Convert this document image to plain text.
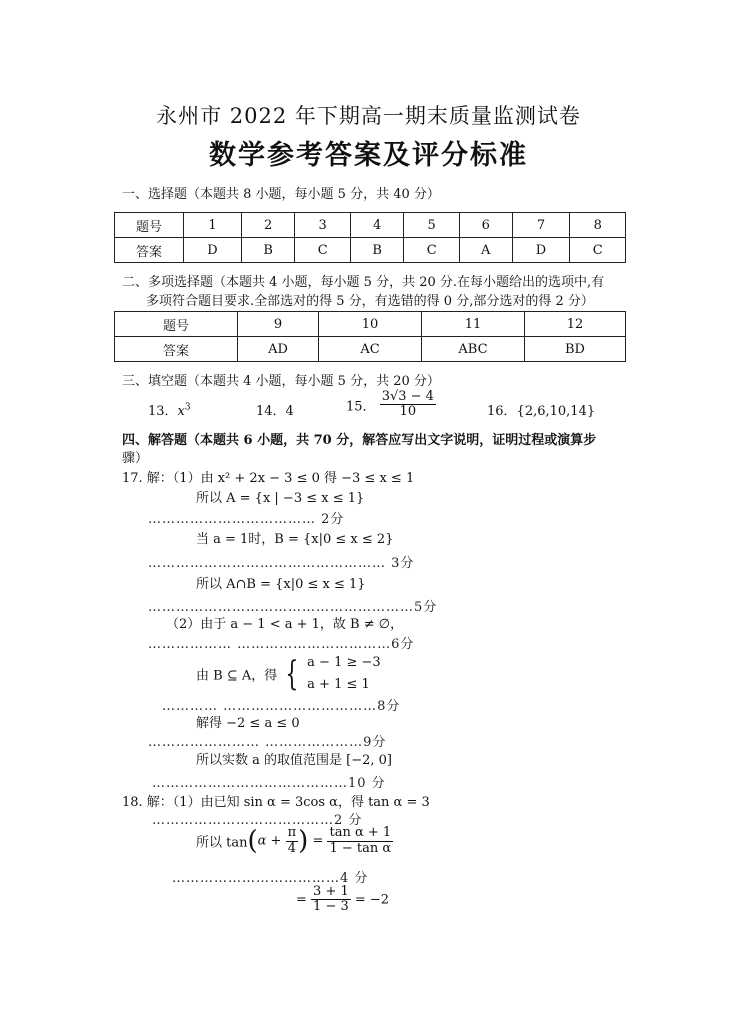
永州市 2022 年下期高一期末质量监测试卷
数学参考答案及评分标准
一、选择题（本题共 8 小题，每小题 5 分，共 40 分）
题号	1	2	3	4	5	6	7	8
答案	D	B	C	B	C	A	D	C
二、多项选择题（本题共 4 小题，每小题 5 分，共 20 分.在每小题给出的选项中,有
多项符合题目要求.全部选对的得 5 分，有选错的得 0 分,部分选对的得 2 分）
题号	9	10	11	12
答案	AD	AC	ABC	BD
三、填空题（本题共 4 小题，每小题 5 分，共 20 分）
13．$x^3$	14．4	15． $\frac{3√3 - 4}{10}$	16．{2,6,10,14}
四、解答题（本题共 6 小题，共 70 分，解答应写出文字说明，证明过程或演算步
骤）
17. 解：（1）由 x² + 2x − 3 ≤ 0 得 −3 ≤ x ≤ 1
所以 A = {x | −3 ≤ x ≤ 1}
……………………………… 2分
当 a = 1时，B = {x|0 ≤ x ≤ 2}
…………………………………………… 3分
所以 A∩B = {x|0 ≤ x ≤ 1}
…………………………………………………5分
（2）由于 a − 1 < a + 1，故 B ≠ ∅，
……………… ……………………………6分
由 B ⊆ A，得 { a − 1 ≥ −3
a + 1 ≤ 1
………… ……………………………8分
解得 −2 ≤ a ≤ 0
…………………… …………………9分
所以实数 a 的取值范围是 [−2, 0]
……………………………………10 分
18. 解：（1）由已知 sin α = 3cos α，得 tan α = 3
…………………………………2 分
所以 $\tan(\alpha + \frac{\pi}{4}$ ) = $\frac{\text{tan α + 1}}{\text{1 − tan α}}$
………………………………4 分
= $\frac{3 + 1}{1 - 3} = -2$
